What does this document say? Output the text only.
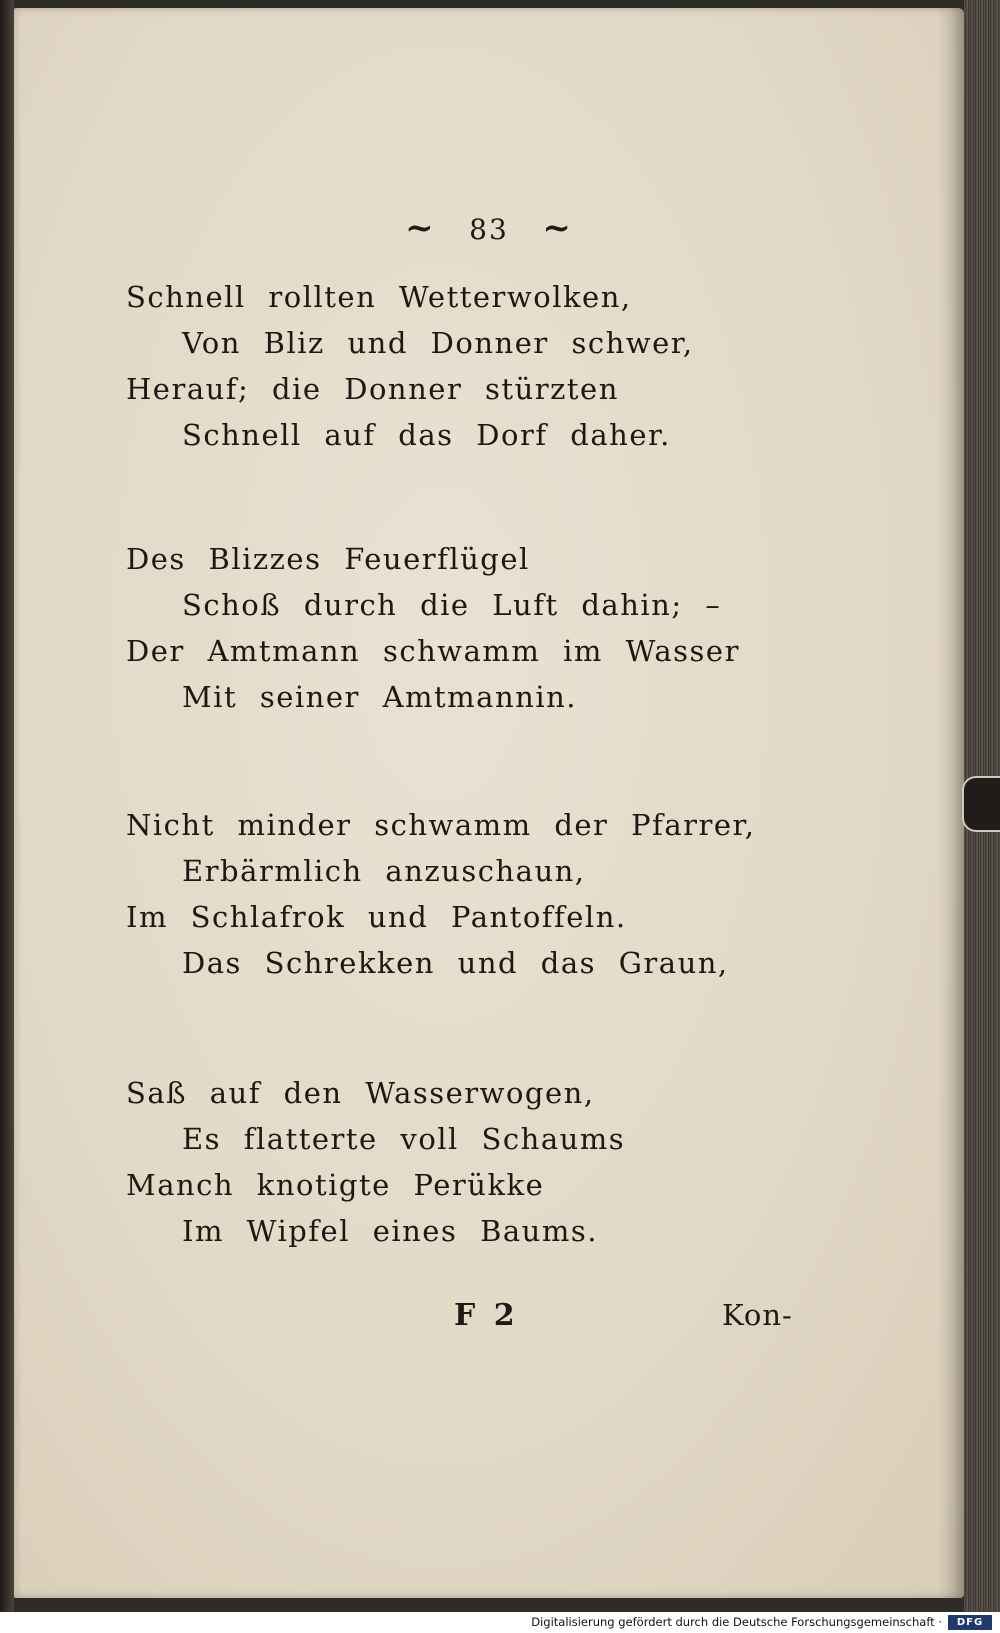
~ 83 ~
Schnell rollten Wetterwolken,
Von Bliz und Donner schwer,
Herauf; die Donner stürzten
Schnell auf das Dorf daher.
Des Blizzes Feuerflügel
Schoß durch die Luft dahin; –
Der Amtmann schwamm im Wasser
Mit seiner Amtmannin.
Nicht minder schwamm der Pfarrer,
Erbärmlich anzuschaun,
Im Schlafrok und Pantoffeln.
Das Schrekken und das Graun,
Saß auf den Wasserwogen,
Es flatterte voll Schaums
Manch knotigte Perükke
Im Wipfel eines Baums.
F 2	Kon-
Digitalisierung gefördert durch die Deutsche Forschungsgemeinschaft ·	DFG
